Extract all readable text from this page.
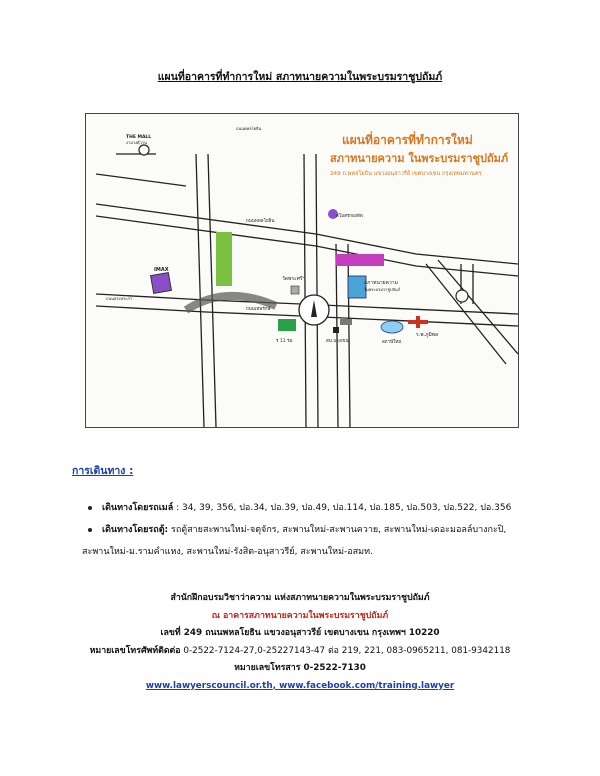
แผนที่อาคารที่ทำการใหม่ สภาทนายความในพระบรมราชูปถัมภ์
แผนที่อาคารที่ทำการใหม่
สภาทนายความ ในพระบรมราชูปถัมภ์
249 ถ.พหลโยธิน แขวงอนุสาวรีย์ เขตบางเขน กรุงเทพมหานคร
THE MALL
งามวงศ์วาน
ถนนพหลโยธิน
IMAX
วัดพระศรีฯ
สภาทนายความ
ในพระบรมราชูปถัมภ์
ร.พ.ภูมิพล
สถานีใหม่
สน.บางเขน
ร 11 รอ.
สโมสรกองทัพ
ถนนพหลโยธิน
ถนนเทพรักษ์
ถนนสรงประภา
การเดินทาง :
เดินทางโดยรถเมล์ : 34, 39, 356, ปอ.34, ปอ.39, ปอ.49, ปอ.114, ปอ.185, ปอ.503, ปอ.522, ปอ.356
เดินทางโดยรถตู้: รถตู้สายสะพานใหม่-จตุจักร, สะพานใหม่-สะพานควาย, สะพานใหม่-เดอะมอลล์บางกะปิ,
สะพานใหม่-ม.รามคำแหง, สะพานใหม่-รังสิต-อนุสาวรีย์, สะพานใหม่-อสมท.
สำนักฝึกอบรมวิชาว่าความ แห่งสภาทนายความในพระบรมราชูปถัมภ์
ณ อาคารสภาทนายความในพระบรมราชูปถัมภ์
เลขที่ 249 ถนนพหลโยธิน แขวงอนุสาวรีย์ เขตบางเขน กรุงเทพฯ 10220
หมายเลขโทรศัพท์ติดต่อ 0-2522-7124-27,0-25227143-47 ต่อ 219, 221, 083-0965211, 081-9342118
หมายเลขโทรสาร 0-2522-7130
www.lawyerscouncil.or.th, www.facebook.com/training.lawyer
